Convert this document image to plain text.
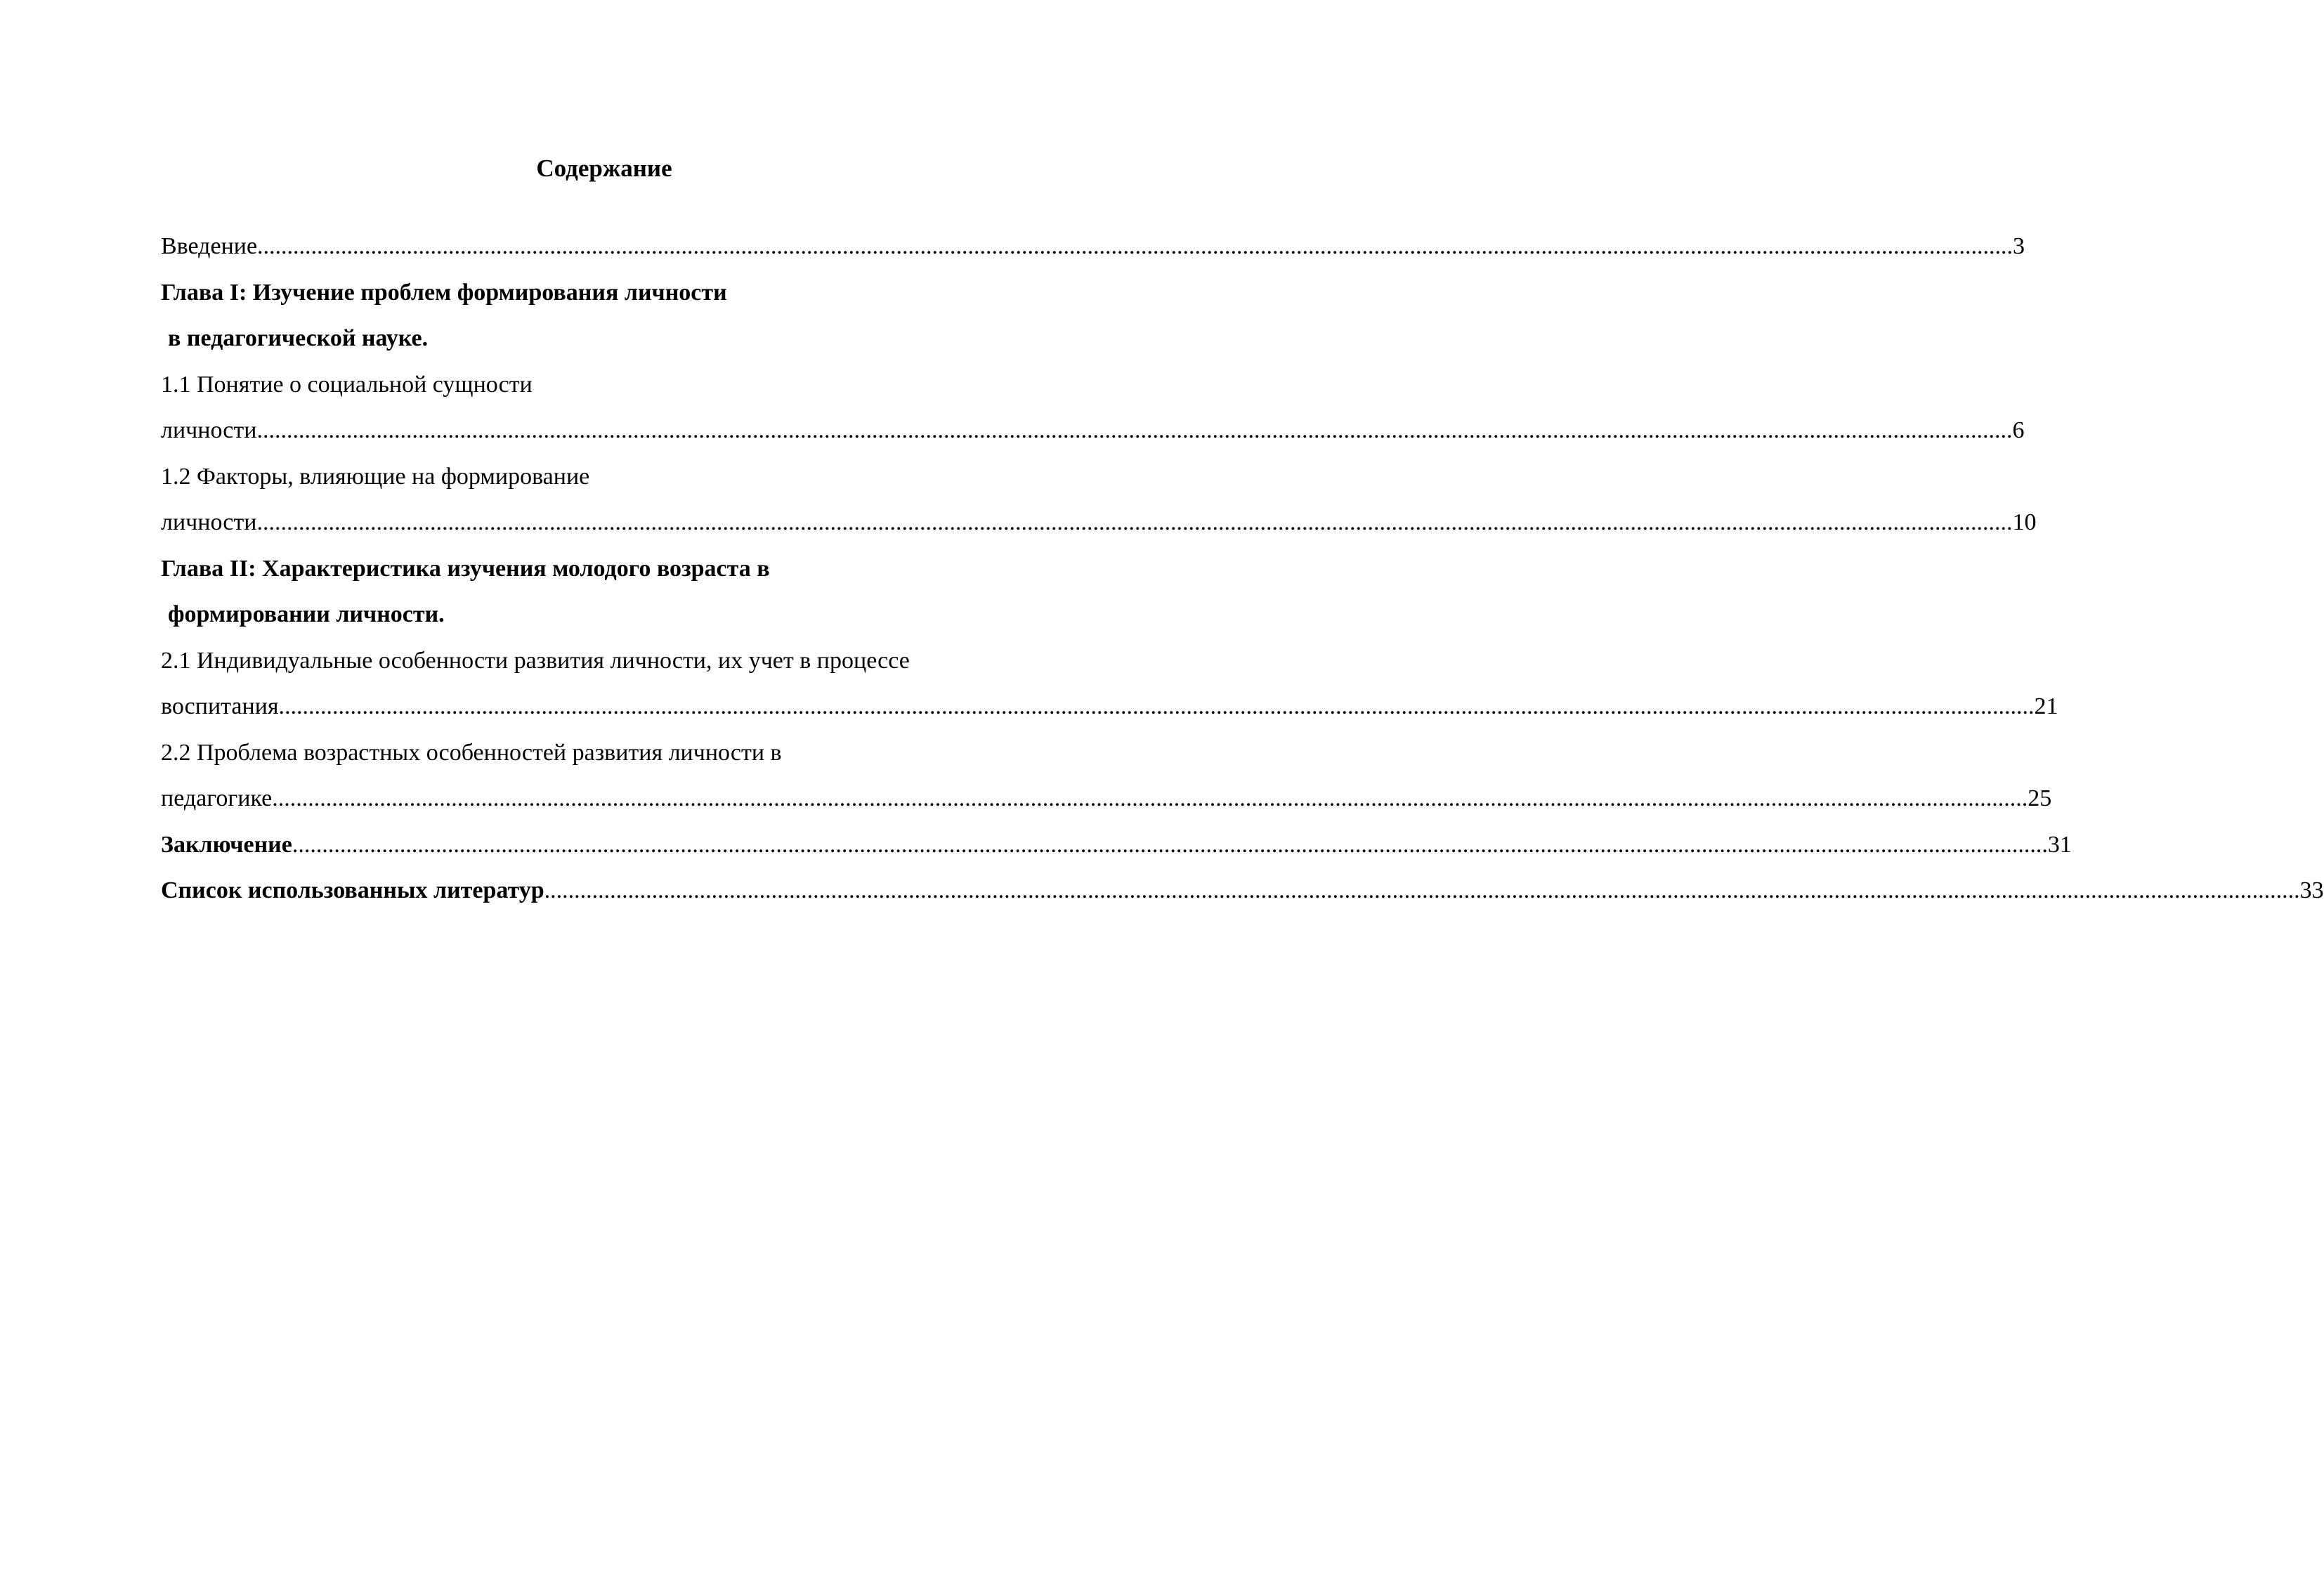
Содержание
Введение ...................................................................................................................................................................................................................................................................................................... 3
Глава I: Изучение проблем формирования личности
в педагогической науке.
1.1 Понятие о социальной сущности
личности ...................................................................................................................................................................................................................................................................................................... 6
1.2 Факторы, влияющие на формирование
личности ...................................................................................................................................................................................................................................................................................................... 10
Глава II: Характеристика изучения молодого возраста в
формировании личности.
2.1 Индивидуальные особенности развития личности, их учет в процессе
воспитания ...................................................................................................................................................................................................................................................................................................... 21
2.2 Проблема возрастных особенностей развития личности в
педагогике ...................................................................................................................................................................................................................................................................................................... 25
Заключение ...................................................................................................................................................................................................................................................................................................... 31
Список использованных литератур ...................................................................................................................................................................................................................................................................................................... 33
